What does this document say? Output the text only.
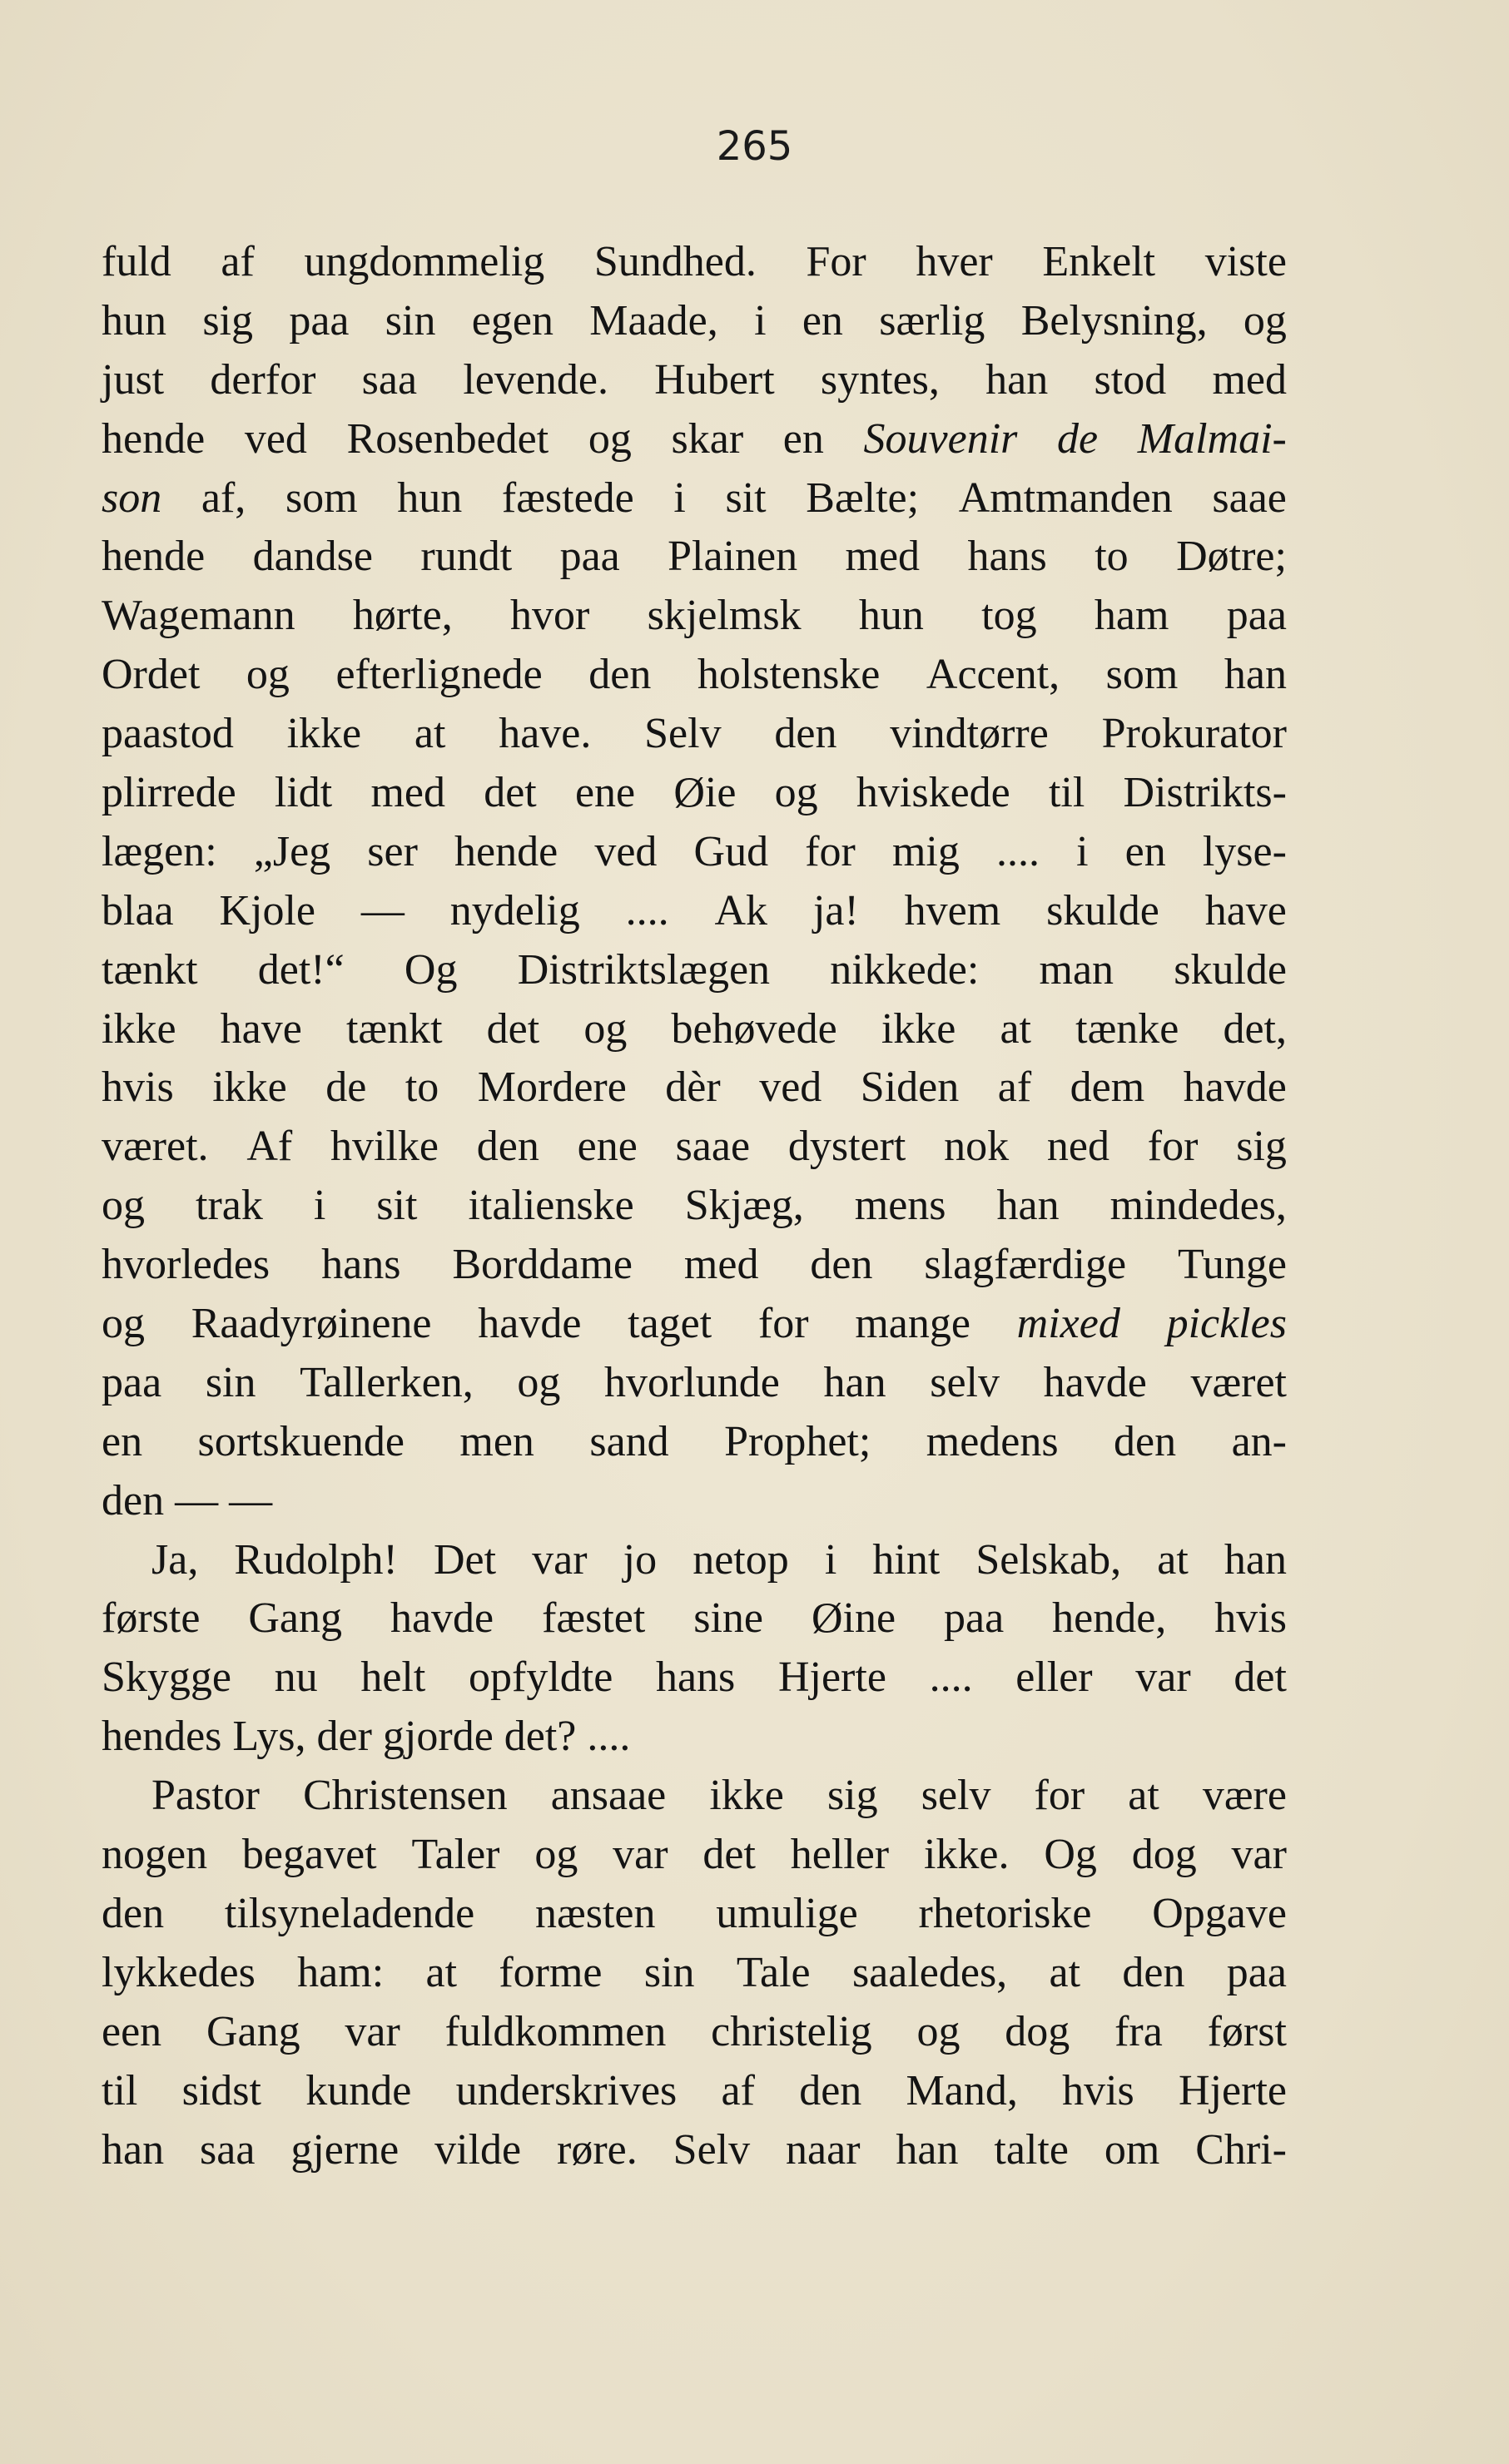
265
fuld af ungdommelig Sundhed. For hver Enkelt viste
hun sig paa sin egen Maade, i en særlig Belysning, og
just derfor saa levende. Hubert syntes, han stod med
hende ved Rosenbedet og skar en Souvenir de Malmai-
son af, som hun fæstede i sit Bælte; Amtmanden saae
hende dandse rundt paa Plainen med hans to Døtre;
Wagemann hørte, hvor skjelmsk hun tog ham paa
Ordet og efterlignede den holstenske Accent, som han
paastod ikke at have. Selv den vindtørre Prokurator
plirrede lidt med det ene Øie og hviskede til Distrikts-
lægen: „Jeg ser hende ved Gud for mig .... i en lyse-
blaa Kjole — nydelig .... Ak ja! hvem skulde have
tænkt det!“ Og Distriktslægen nikkede: man skulde
ikke have tænkt det og behøvede ikke at tænke det,
hvis ikke de to Mordere dèr ved Siden af dem havde
været. Af hvilke den ene saae dystert nok ned for sig
og trak i sit italienske Skjæg, mens han mindedes,
hvorledes hans Borddame med den slagfærdige Tunge
og Raadyrøinene havde taget for mange mixed pickles
paa sin Tallerken, og hvorlunde han selv havde været
en sortskuende men sand Prophet; medens den an-
den — —
Ja, Rudolph! Det var jo netop i hint Selskab, at han
første Gang havde fæstet sine Øine paa hende, hvis
Skygge nu helt opfyldte hans Hjerte .... eller var det
hendes Lys, der gjorde det? ....
Pastor Christensen ansaae ikke sig selv for at være
nogen begavet Taler og var det heller ikke. Og dog var
den tilsyneladende næsten umulige rhetoriske Opgave
lykkedes ham: at forme sin Tale saaledes, at den paa
een Gang var fuldkommen christelig og dog fra først
til sidst kunde underskrives af den Mand, hvis Hjerte
han saa gjerne vilde røre. Selv naar han talte om Chri-
